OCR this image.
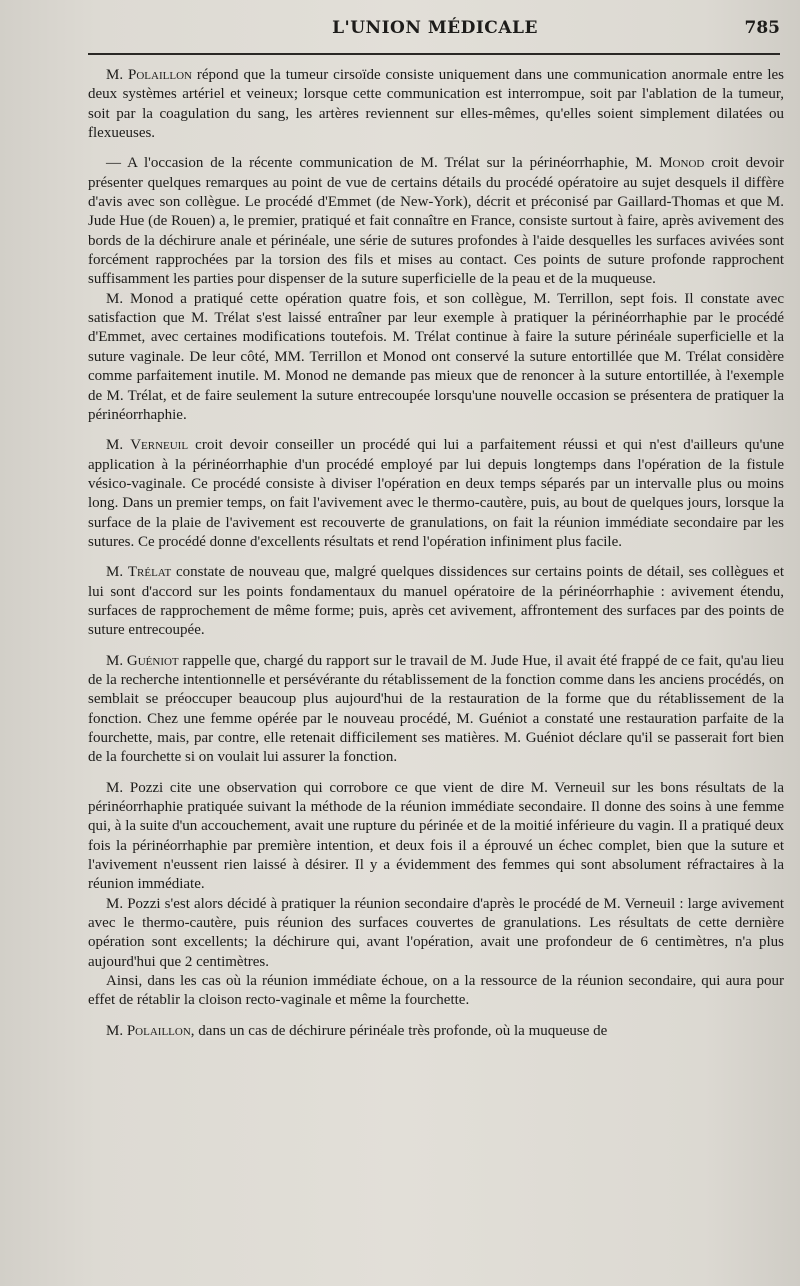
L'UNION MÉDICALE	785

M. Polaillon répond que la tumeur cirsoïde consiste uniquement dans une communication anormale entre les deux systèmes artériel et veineux; lorsque cette communication est interrompue, soit par l'ablation de la tumeur, soit par la coagulation du sang, les artères reviennent sur elles-mêmes, qu'elles soient simplement dilatées ou flexueuses.

— A l'occasion de la récente communication de M. Trélat sur la périnéorrhaphie, M. Monod croit devoir présenter quelques remarques au point de vue de certains détails du procédé opératoire au sujet desquels il diffère d'avis avec son collègue. Le procédé d'Emmet (de New-York), décrit et préconisé par Gaillard-Thomas et que M. Jude Hue (de Rouen) a, le premier, pratiqué et fait connaître en France, consiste surtout à faire, après avivement des bords de la déchirure anale et périnéale, une série de sutures profondes à l'aide desquelles les surfaces avivées sont forcément rapprochées par la torsion des fils et mises au contact. Ces points de suture profonde rapprochent suffisamment les parties pour dispenser de la suture superficielle de la peau et de la muqueuse.

M. Monod a pratiqué cette opération quatre fois, et son collègue, M. Terrillon, sept fois. Il constate avec satisfaction que M. Trélat s'est laissé entraîner par leur exemple à pratiquer la périnéorrhaphie par le procédé d'Emmet, avec certaines modifications toutefois. M. Trélat continue à faire la suture périnéale superficielle et la suture vaginale. De leur côté, MM. Terrillon et Monod ont conservé la suture entortillée que M. Trélat considère comme parfaitement inutile. M. Monod ne demande pas mieux que de renoncer à la suture entortillée, à l'exemple de M. Trélat, et de faire seulement la suture entrecoupée lorsqu'une nouvelle occasion se présentera de pratiquer la périnéorrhaphie.

M. Verneuil croit devoir conseiller un procédé qui lui a parfaitement réussi et qui n'est d'ailleurs qu'une application à la périnéorrhaphie d'un procédé employé par lui depuis longtemps dans l'opération de la fistule vésico-vaginale. Ce procédé consiste à diviser l'opération en deux temps séparés par un intervalle plus ou moins long. Dans un premier temps, on fait l'avivement avec le thermo-cautère, puis, au bout de quelques jours, lorsque la surface de la plaie de l'avivement est recouverte de granulations, on fait la réunion immédiate secondaire par les sutures. Ce procédé donne d'excellents résultats et rend l'opération infiniment plus facile.

M. Trélat constate de nouveau que, malgré quelques dissidences sur certains points de détail, ses collègues et lui sont d'accord sur les points fondamentaux du manuel opératoire de la périnéorrhaphie : avivement étendu, surfaces de rapprochement de même forme; puis, après cet avivement, affrontement des surfaces par des points de suture entrecoupée.

M. Guéniot rappelle que, chargé du rapport sur le travail de M. Jude Hue, il avait été frappé de ce fait, qu'au lieu de la recherche intentionnelle et persévérante du rétablissement de la fonction comme dans les anciens procédés, on semblait se préoccuper beaucoup plus aujourd'hui de la restauration de la forme que du rétablissement de la fonction. Chez une femme opérée par le nouveau procédé, M. Guéniot a constaté une restauration parfaite de la fourchette, mais, par contre, elle retenait difficilement ses matières. M. Guéniot déclare qu'il se passerait fort bien de la fourchette si on voulait lui assurer la fonction.

M. Pozzi cite une observation qui corrobore ce que vient de dire M. Verneuil sur les bons résultats de la périnéorrhaphie pratiquée suivant la méthode de la réunion immédiate secondaire. Il donne des soins à une femme qui, à la suite d'un accouchement, avait une rupture du périnée et de la moitié inférieure du vagin. Il a pratiqué deux fois la périnéorrhaphie par première intention, et deux fois il a éprouvé un échec complet, bien que la suture et l'avivement n'eussent rien laissé à désirer. Il y a évidemment des femmes qui sont absolument réfractaires à la réunion immédiate.

M. Pozzi s'est alors décidé à pratiquer la réunion secondaire d'après le procédé de M. Verneuil : large avivement avec le thermo-cautère, puis réunion des surfaces couvertes de granulations. Les résultats de cette dernière opération sont excellents; la déchirure qui, avant l'opération, avait une profondeur de 6 centimètres, n'a plus aujourd'hui que 2 centimètres.

Ainsi, dans les cas où la réunion immédiate échoue, on a la ressource de la réunion secondaire, qui aura pour effet de rétablir la cloison recto-vaginale et même la fourchette.

M. Polaillon, dans un cas de déchirure périnéale très profonde, où la muqueuse de
